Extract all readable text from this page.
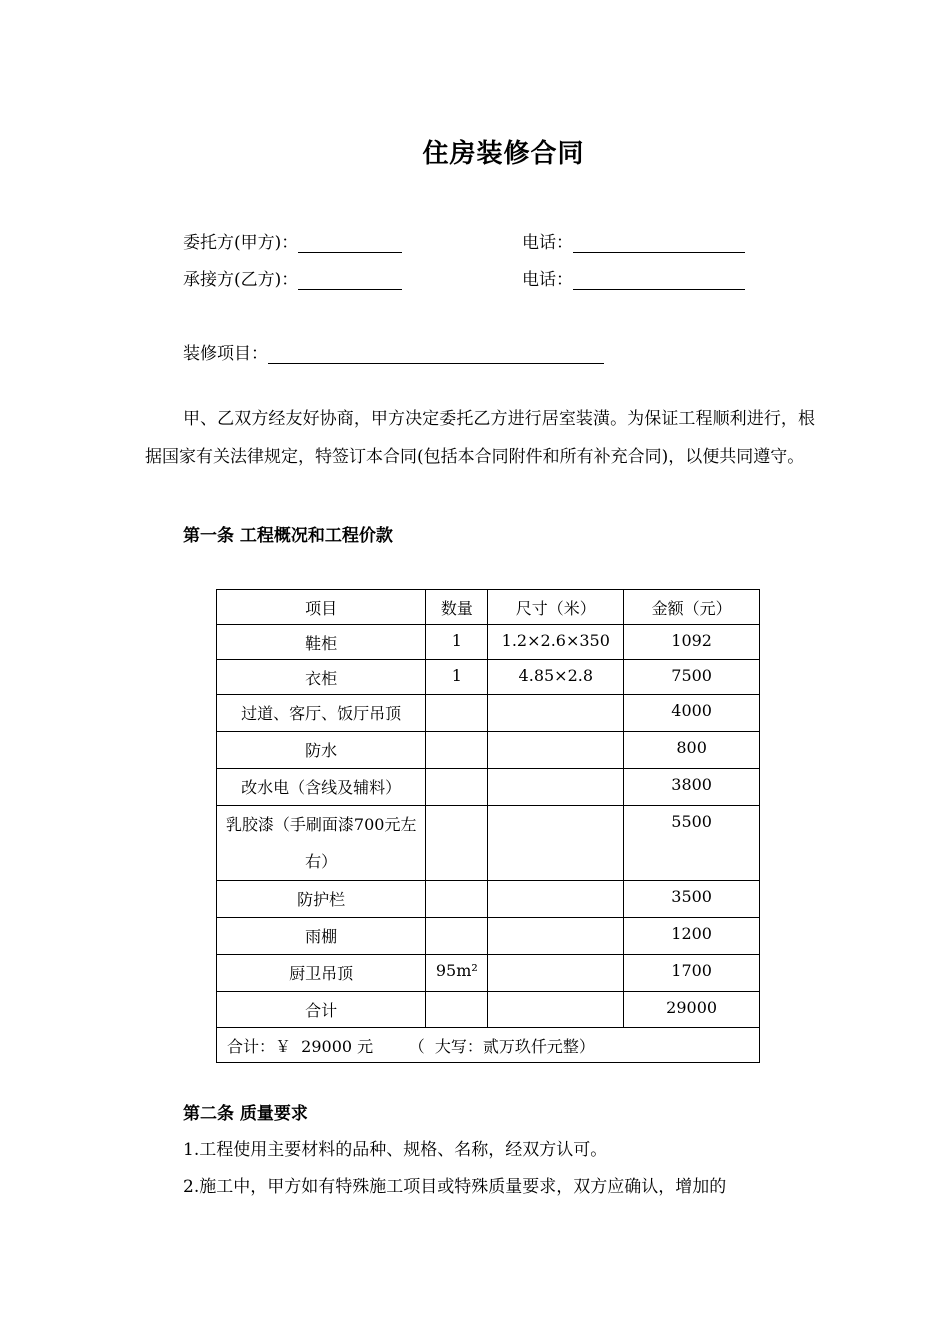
住房装修合同
委托方(甲方)：	电话：
承接方(乙方)：	电话：
装修项目：
甲、乙双方经友好协商，甲方决定委托乙方进行居室装潢。为保证工程顺利进行，根据国家有关法律规定，特签订本合同(包括本合同附件和所有补充合同)，以便共同遵守。
第一条 工程概况和工程价款
项目	数量	尺寸（米）	金额（元）
鞋柜	1	1.2×2.6×350	1092
衣柜	1	4.85×2.8	7500
过道、客厅、饭厅吊顶			4000
防水			800
改水电（含线及辅料）			3800
乳胶漆（手刷面漆700元左右）			5500
防护栏			3500
雨棚			1200
厨卫吊顶	95m²		1700
合计			29000
合计：￥  29000 元       （  大写：贰万玖仟元整）			
第二条 质量要求
1.工程使用主要材料的品种、规格、名称，经双方认可。
2.施工中，甲方如有特殊施工项目或特殊质量要求，双方应确认，增加的
